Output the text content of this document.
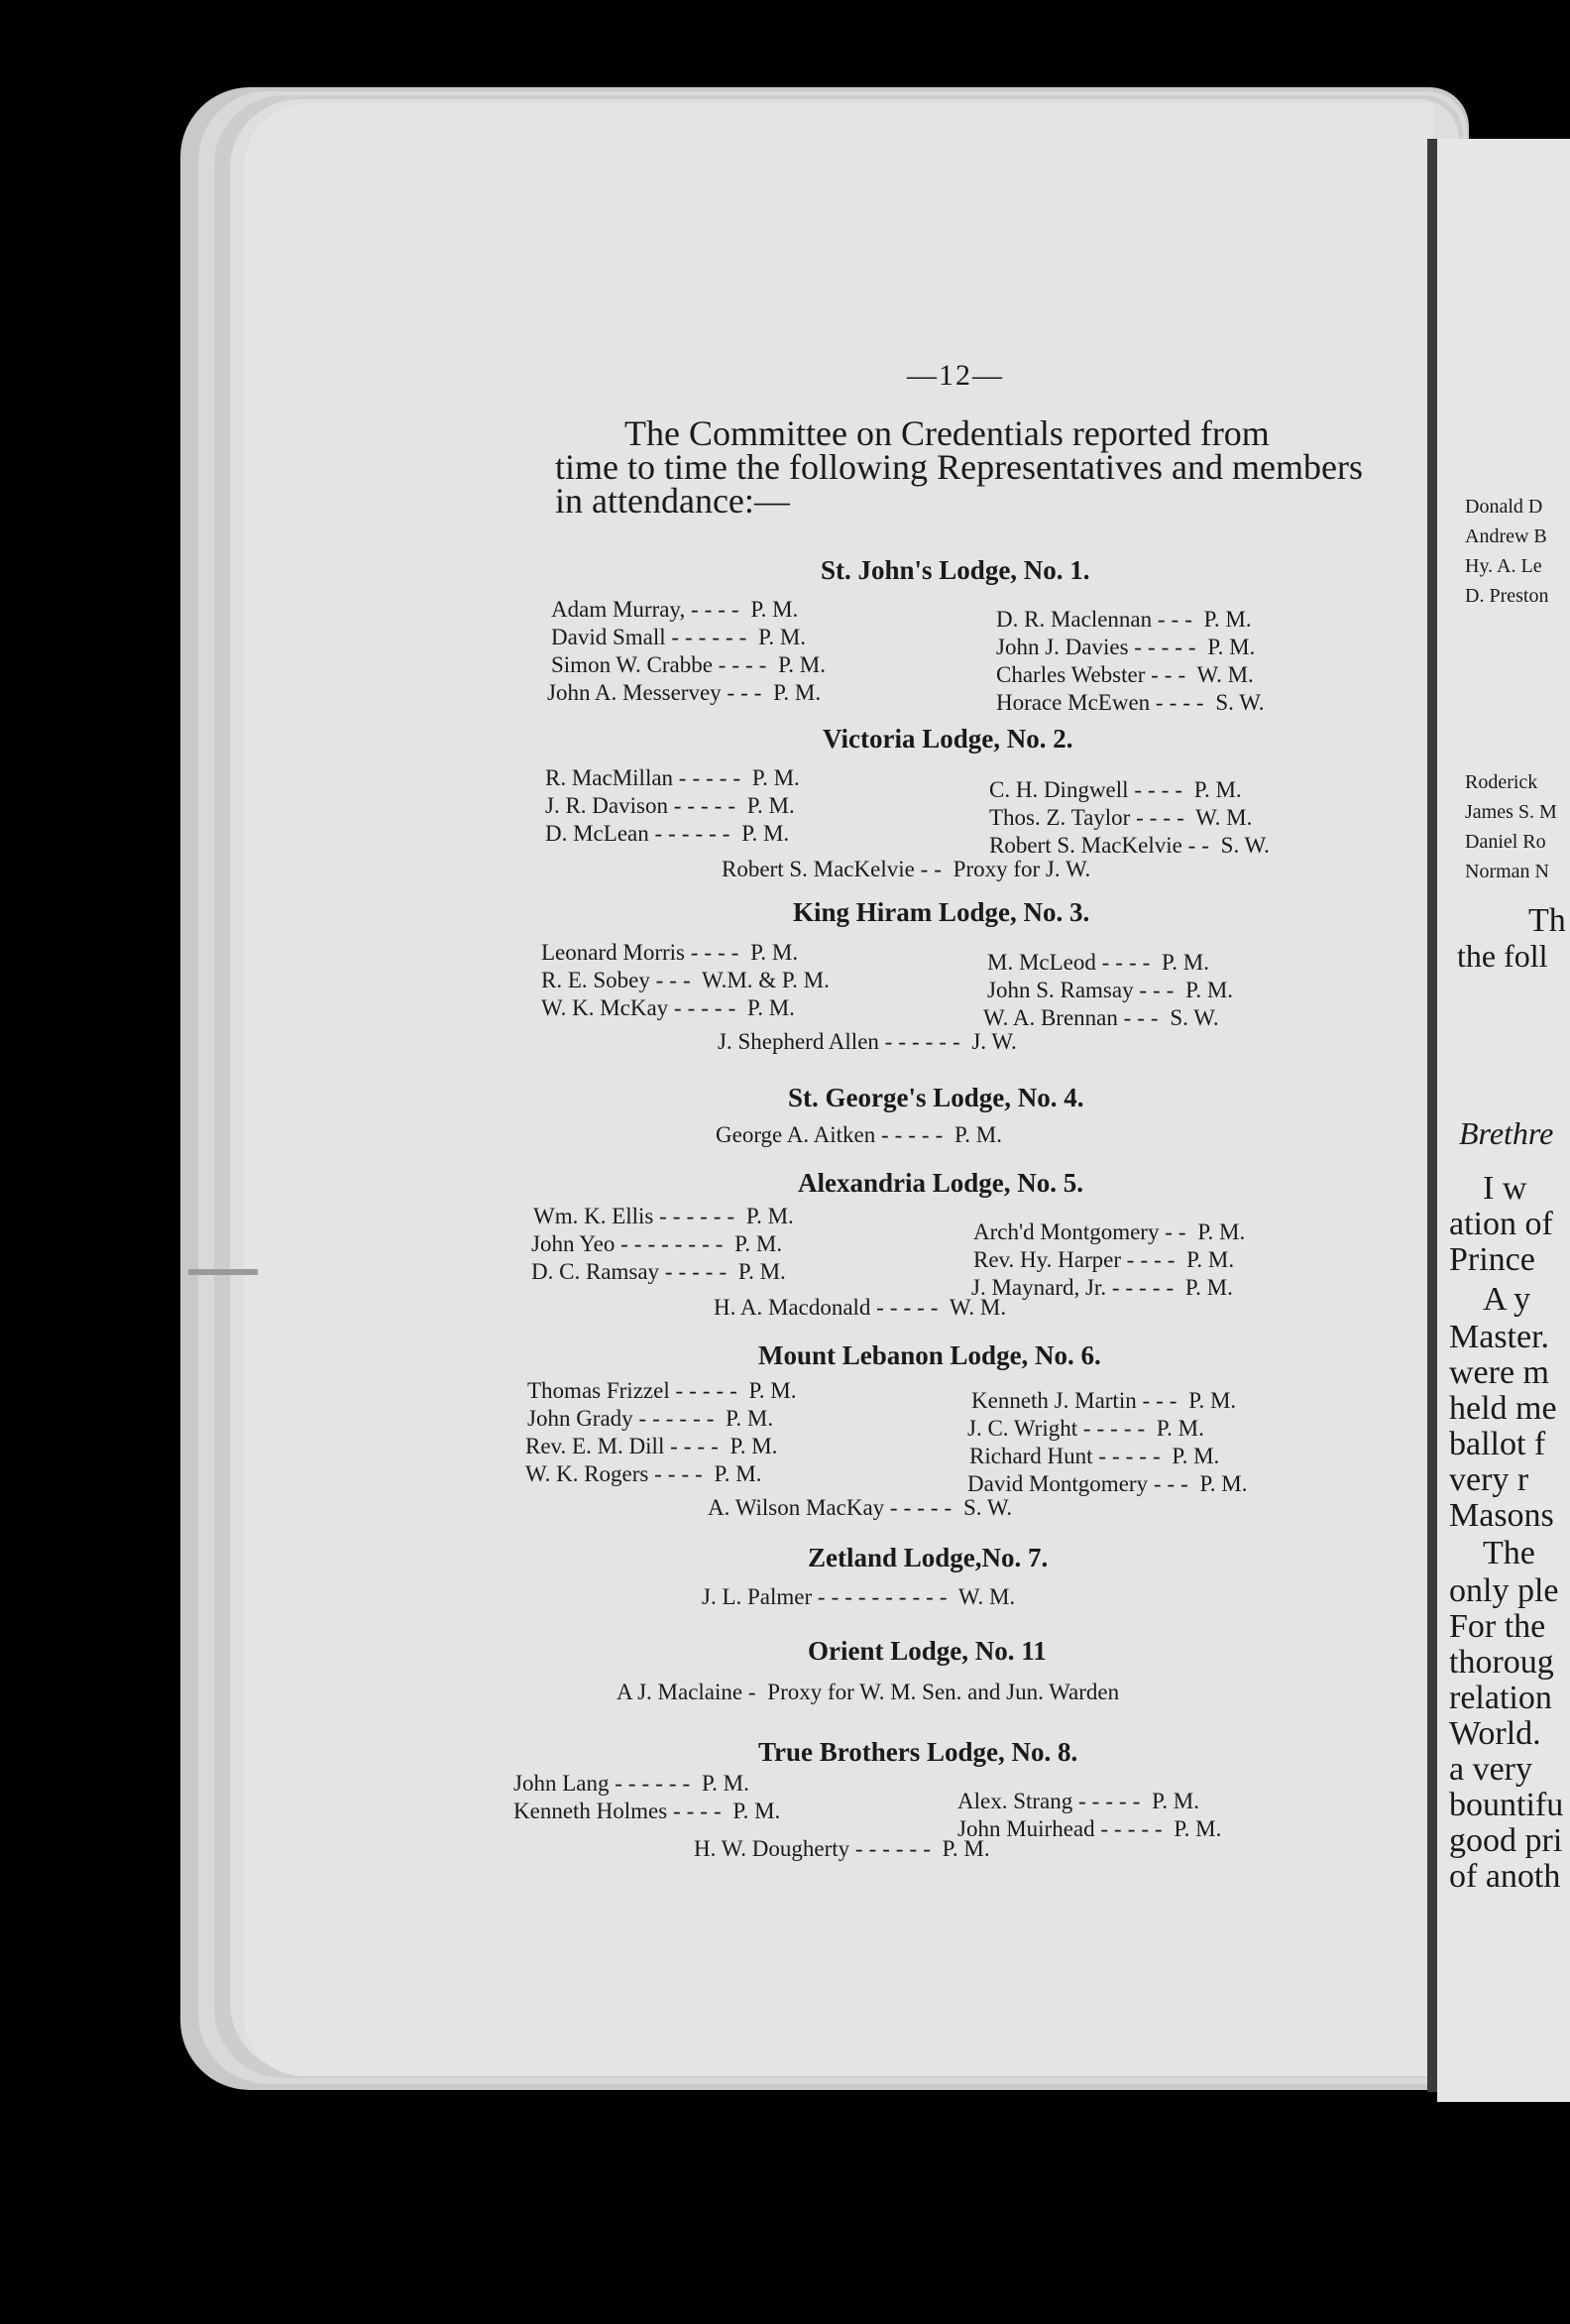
—12—
The Committee on Credentials reported from
time to time the following Representatives and members in attendance:—
St. John's Lodge, No. 1.
Adam Murray, ---- P. M.
David Small ------ P. M.
Simon W. Crabbe ---- P. M.
John A. Messervey --- P. M.
D. R. Maclennan --- P. M.
John J. Davies ----- P. M.
Charles Webster --- W. M.
Horace McEwen ---- S. W.
Victoria Lodge, No. 2.
R. MacMillan ----- P. M.
J. R. Davison ----- P. M.
D. McLean ------ P. M.
C. H. Dingwell ---- P. M.
Thos. Z. Taylor ---- W. M.
Robert S. MacKelvie -- S. W.
Robert S. MacKelvie -- Proxy for J. W.
King Hiram Lodge, No. 3.
Leonard Morris ---- P. M.
R. E. Sobey --- W.M. & P. M.
W. K. McKay ----- P. M.
M. McLeod ---- P. M.
John S. Ramsay --- P. M.
W. A. Brennan --- S. W.
J. Shepherd Allen ------ J. W.
St. George's Lodge, No. 4.
George A. Aitken ----- P. M.
Alexandria Lodge, No. 5.
Wm. K. Ellis ------ P. M.
John Yeo -------- P. M.
D. C. Ramsay ----- P. M.
Arch'd Montgomery -- P. M.
Rev. Hy. Harper ---- P. M.
J. Maynard, Jr. ----- P. M.
H. A. Macdonald ----- W. M.
Mount Lebanon Lodge, No. 6.
Thomas Frizzel ----- P. M.
John Grady ------ P. M.
Rev. E. M. Dill ---- P. M.
W. K. Rogers ---- P. M.
Kenneth J. Martin --- P. M.
J. C. Wright ----- P. M.
Richard Hunt ----- P. M.
David Montgomery --- P. M.
A. Wilson MacKay ----- S. W.
Zetland Lodge,No. 7.
J. L. Palmer ---------- W. M.
Orient Lodge, No. 11
A J. Maclaine - Proxy for W. M. Sen. and Jun. Warden
True Brothers Lodge, No. 8.
John Lang ------ P. M.
Kenneth Holmes ---- P. M.	Alex. Strang ----- P. M.
John Muirhead ----- P. M.
H. W. Dougherty ------ P. M.
Donald D
Andrew B
Hy. A. Le
D. Preston
Roderick
James S. M
Daniel Ro
Norman N
Th
the foll
Brethre
I w
ation of
Prince
A y
Master.
were m
held me
ballot f
very r
Masons
The
only ple
For the
thoroug
relation
World.
a very
bountifu
good pri
of anoth
